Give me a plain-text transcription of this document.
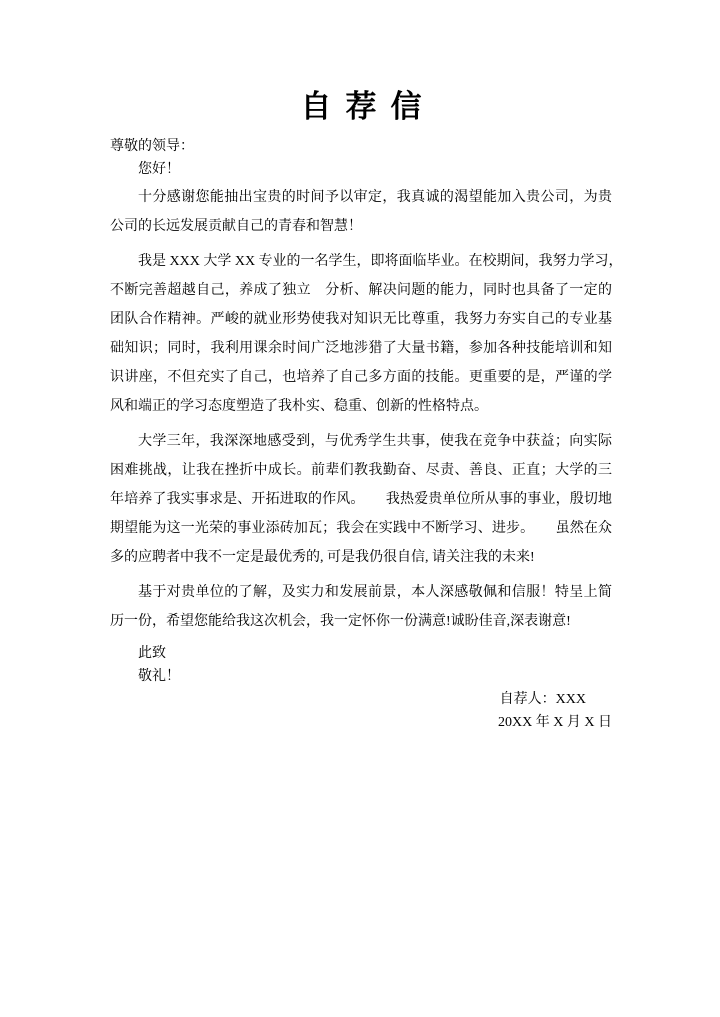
自荐信
尊敬的领导：
您好！
十分感谢您能抽出宝贵的时间予以审定，我真诚的渴望能加入贵公司，为贵
公司的长远发展贡献自己的青春和智慧！
我是 XXX 大学 XX 专业的一名学生，即将面临毕业。在校期间，我努力学习，
不断完善超越自己，养成了独立　分析、解决问题的能力，同时也具备了一定的
团队合作精神。严峻的就业形势使我对知识无比尊重，我努力夯实自己的专业基
础知识；同时，我利用课余时间广泛地涉猎了大量书籍，参加各种技能培训和知
识讲座，不但充实了自己，也培养了自己多方面的技能。更重要的是，严谨的学
风和端正的学习态度塑造了我朴实、稳重、创新的性格特点。
大学三年，我深深地感受到，与优秀学生共事，使我在竞争中获益；向实际
困难挑战，让我在挫折中成长。前辈们教我勤奋、尽责、善良、正直；大学的三
年培养了我实事求是、开拓进取的作风。　　我热爱贵单位所从事的事业，殷切地
期望能为这一光荣的事业添砖加瓦；我会在实践中不断学习、进步。　　虽然在众
多的应聘者中我不一定是最优秀的, 可是我仍很自信, 请关注我的未来!
基于对贵单位的了解，及实力和发展前景，本人深感敬佩和信服！特呈上简
历一份，希望您能给我这次机会，我一定怀你一份满意!诚盼佳音,深表谢意!
此致
敬礼！
自荐人：XXX
20XX 年 X 月 X 日
